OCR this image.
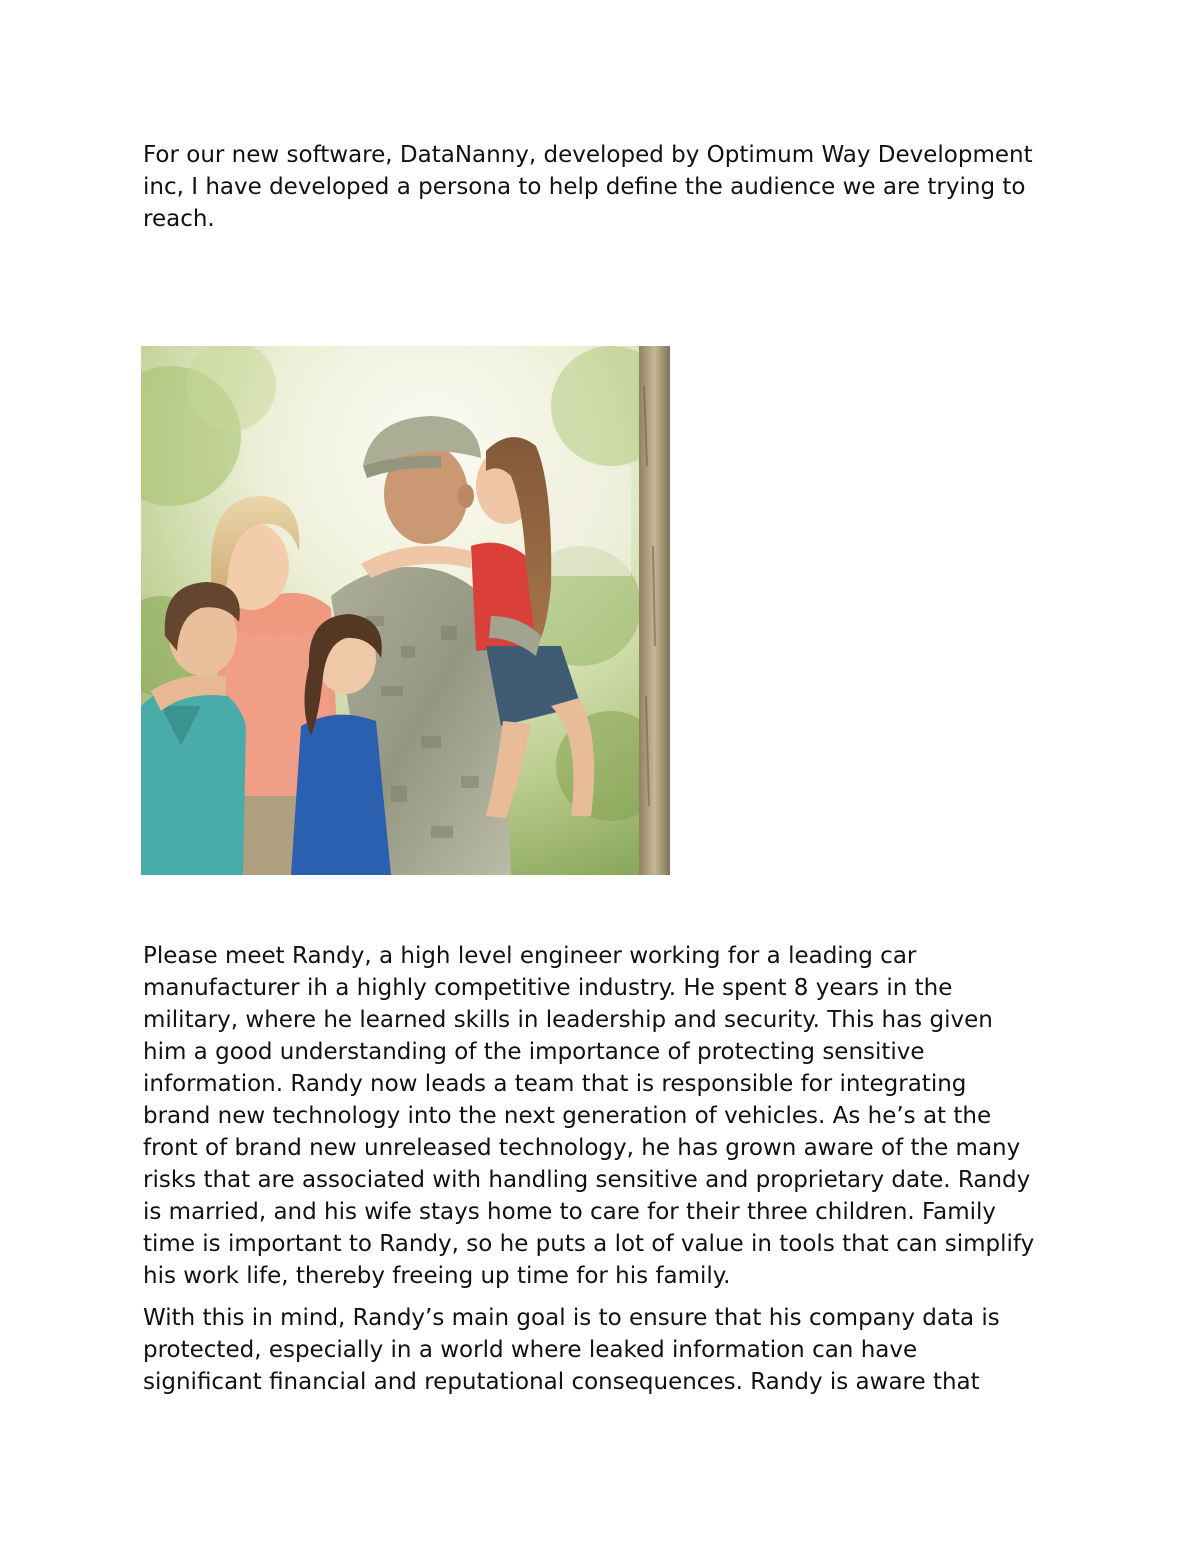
For our new software, DataNanny, developed by Optimum Way Development
inc, I have developed a persona to help define the audience we are trying to
reach.

Please meet Randy, a high level engineer working for a leading car
manufacturer ih a highly competitive industry. He spent 8 years in the
military, where he learned skills in leadership and security. This has given
him a good understanding of the importance of protecting sensitive
information. Randy now leads a team that is responsible for integrating
brand new technology into the next generation of vehicles. As he’s at the
front of brand new unreleased technology, he has grown aware of the many
risks that are associated with handling sensitive and proprietary date. Randy
is married, and his wife stays home to care for their three children. Family
time is important to Randy, so he puts a lot of value in tools that can simplify
his work life, thereby freeing up time for his family.

With this in mind, Randy’s main goal is to ensure that his company data is
protected, especially in a world where leaked information can have
significant financial and reputational consequences. Randy is aware that
